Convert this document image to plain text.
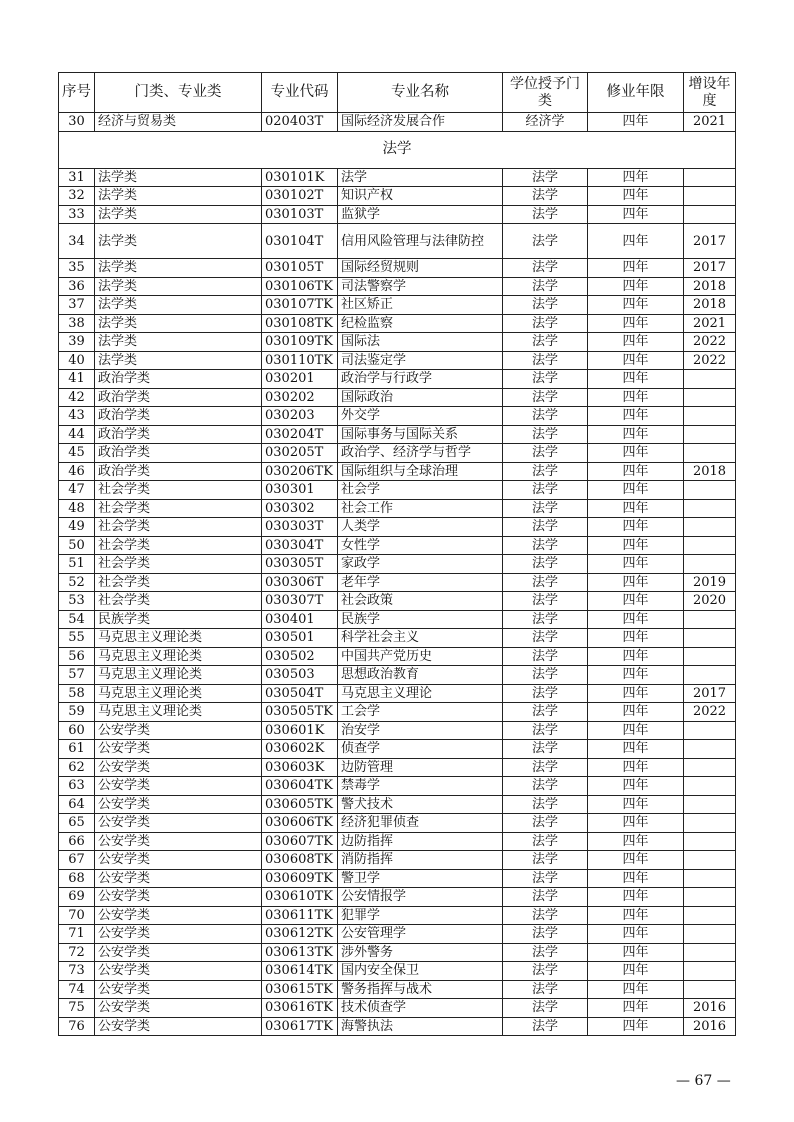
序号	门类、专业类	专业代码	专业名称	学位授予门类	修业年限	增设年度
30	经济与贸易类	020403T	国际经济发展合作	经济学	四年	2021
法学						
31	法学类	030101K	法学	法学	四年	
32	法学类	030102T	知识产权	法学	四年	
33	法学类	030103T	监狱学	法学	四年	
34	法学类	030104T	信用风险管理与法律防控	法学	四年	2017
35	法学类	030105T	国际经贸规则	法学	四年	2017
36	法学类	030106TK	司法警察学	法学	四年	2018
37	法学类	030107TK	社区矫正	法学	四年	2018
38	法学类	030108TK	纪检监察	法学	四年	2021
39	法学类	030109TK	国际法	法学	四年	2022
40	法学类	030110TK	司法鉴定学	法学	四年	2022
41	政治学类	030201	政治学与行政学	法学	四年	
42	政治学类	030202	国际政治	法学	四年	
43	政治学类	030203	外交学	法学	四年	
44	政治学类	030204T	国际事务与国际关系	法学	四年	
45	政治学类	030205T	政治学、经济学与哲学	法学	四年	
46	政治学类	030206TK	国际组织与全球治理	法学	四年	2018
47	社会学类	030301	社会学	法学	四年	
48	社会学类	030302	社会工作	法学	四年	
49	社会学类	030303T	人类学	法学	四年	
50	社会学类	030304T	女性学	法学	四年	
51	社会学类	030305T	家政学	法学	四年	
52	社会学类	030306T	老年学	法学	四年	2019
53	社会学类	030307T	社会政策	法学	四年	2020
54	民族学类	030401	民族学	法学	四年	
55	马克思主义理论类	030501	科学社会主义	法学	四年	
56	马克思主义理论类	030502	中国共产党历史	法学	四年	
57	马克思主义理论类	030503	思想政治教育	法学	四年	
58	马克思主义理论类	030504T	马克思主义理论	法学	四年	2017
59	马克思主义理论类	030505TK	工会学	法学	四年	2022
60	公安学类	030601K	治安学	法学	四年	
61	公安学类	030602K	侦查学	法学	四年	
62	公安学类	030603K	边防管理	法学	四年	
63	公安学类	030604TK	禁毒学	法学	四年	
64	公安学类	030605TK	警犬技术	法学	四年	
65	公安学类	030606TK	经济犯罪侦查	法学	四年	
66	公安学类	030607TK	边防指挥	法学	四年	
67	公安学类	030608TK	消防指挥	法学	四年	
68	公安学类	030609TK	警卫学	法学	四年	
69	公安学类	030610TK	公安情报学	法学	四年	
70	公安学类	030611TK	犯罪学	法学	四年	
71	公安学类	030612TK	公安管理学	法学	四年	
72	公安学类	030613TK	涉外警务	法学	四年	
73	公安学类	030614TK	国内安全保卫	法学	四年	
74	公安学类	030615TK	警务指挥与战术	法学	四年	
75	公安学类	030616TK	技术侦查学	法学	四年	2016
76	公安学类	030617TK	海警执法	法学	四年	2016
— 67 —
